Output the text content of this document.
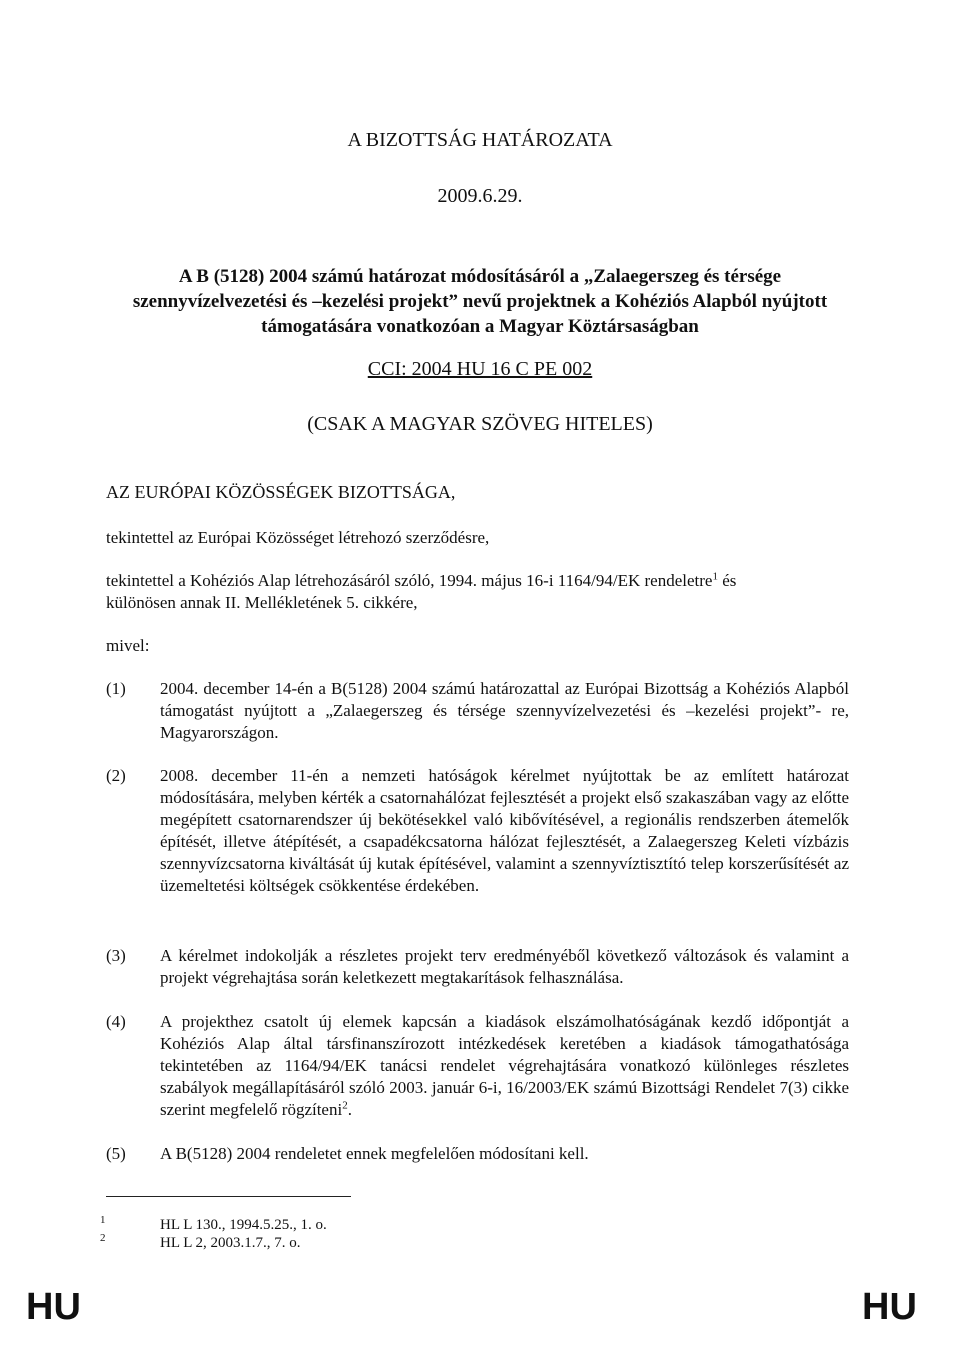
A BIZOTTSÁG HATÁROZATA
2009.6.29.
A B (5128) 2004 számú határozat módosításáról a „Zalaegerszeg és térsége
szennyvízelvezetési és –kezelési projekt” nevű projektnek a Kohéziós Alapból nyújtott
támogatására vonatkozóan a Magyar Köztársaságban
CCI: 2004 HU 16 C PE 002
(CSAK A MAGYAR SZÖVEG HITELES)
AZ EURÓPAI KÖZÖSSÉGEK BIZOTTSÁGA,
tekintettel az Európai Közösséget létrehozó szerződésre,
tekintettel a Kohéziós Alap létrehozásáról szóló, 1994. május 16-i 1164/94/EK rendeletre$^1$ és
különösen annak II. Mellékletének 5. cikkére,
mivel:
(1)	2004. december 14-én a B(5128) 2004 számú határozattal az Európai Bizottság a Kohéziós Alapból támogatást nyújtott a „Zalaegerszeg és térsége szennyvízelvezetési és –kezelési projekt”- re, Magyarországon.
(2)	2008. december 11-én a nemzeti hatóságok kérelmet nyújtottak be az említett határozat módosítására, melyben kérték a csatornahálózat fejlesztését a projekt első szakaszában vagy az előtte megépített csatornarendszer új bekötésekkel való kibővítésével, a regionális rendszerben átemelők építését, illetve átépítését, a csapadékcsatorna hálózat fejlesztését, a Zalaegerszeg Keleti vízbázis szennyvízcsatorna kiváltását új kutak építésével, valamint a szennyvíztisztító telep korszerűsítését az üzemeltetési költségek csökkentése érdekében.
(3)	A kérelmet indokolják a részletes projekt terv eredményéből következő változások és valamint a projekt végrehajtása során keletkezett megtakarítások felhasználása.
(4)	A projekthez csatolt új elemek kapcsán a kiadások elszámolhatóságának kezdő időpontját a Kohéziós Alap által társfinanszírozott intézkedések keretében a kiadások támogathatósága tekintetében az 1164/94/EK tanácsi rendelet végrehajtására vonatkozó különleges részletes szabályok megállapításáról szóló 2003. január 6-i, 16/2003/EK számú Bizottsági Rendelet 7(3) cikke szerint megfelelő rögzíteni$^2$.
(5)	A B(5128) 2004 rendeletet ennek megfelelően módosítani kell.
1	HL L 130., 1994.5.25., 1. o.
2	HL L 2, 2003.1.7., 7. o.
HU	HU
